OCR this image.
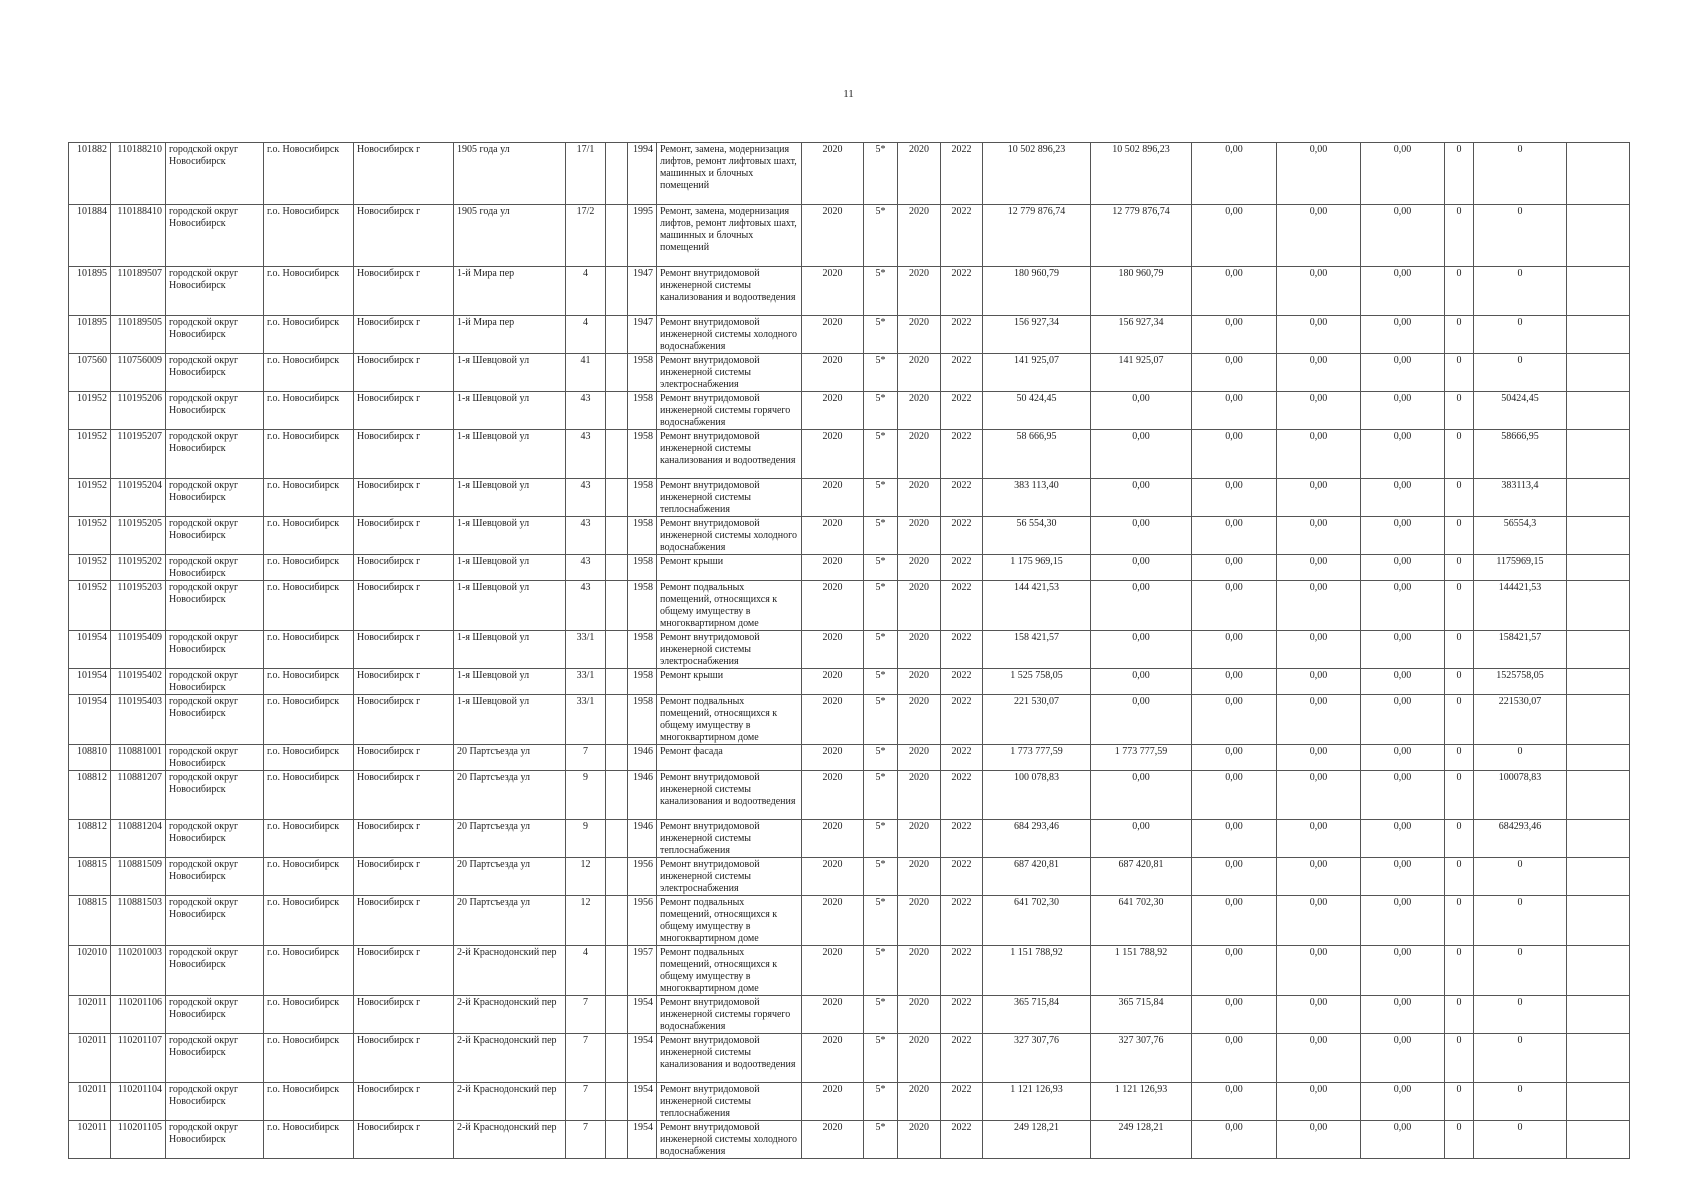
11
101882	110188210	городской округ Новосибирск	г.о. Новосибирск	Новосибирск г	1905 года ул	17/1		1994	Ремонт, замена, модернизация лифтов, ремонт лифтовых шахт, машинных и блочных помещений	2020	5*	2020	2022	10 502 896,23	10 502 896,23	0,00	0,00	0,00	0	0	
101884	110188410	городской округ Новосибирск	г.о. Новосибирск	Новосибирск г	1905 года ул	17/2		1995	Ремонт, замена, модернизация лифтов, ремонт лифтовых шахт, машинных и блочных помещений	2020	5*	2020	2022	12 779 876,74	12 779 876,74	0,00	0,00	0,00	0	0	
101895	110189507	городской округ Новосибирск	г.о. Новосибирск	Новосибирск г	1-й Мира пер	4		1947	Ремонт внутридомовой инженерной системы канализования и водоотведения	2020	5*	2020	2022	180 960,79	180 960,79	0,00	0,00	0,00	0	0	
101895	110189505	городской округ Новосибирск	г.о. Новосибирск	Новосибирск г	1-й Мира пер	4		1947	Ремонт внутридомовой инженерной системы холодного водоснабжения	2020	5*	2020	2022	156 927,34	156 927,34	0,00	0,00	0,00	0	0	
107560	110756009	городской округ Новосибирск	г.о. Новосибирск	Новосибирск г	1-я Шевцовой ул	41		1958	Ремонт внутридомовой инженерной системы электроснабжения	2020	5*	2020	2022	141 925,07	141 925,07	0,00	0,00	0,00	0	0	
101952	110195206	городской округ Новосибирск	г.о. Новосибирск	Новосибирск г	1-я Шевцовой ул	43		1958	Ремонт внутридомовой инженерной системы горячего водоснабжения	2020	5*	2020	2022	50 424,45	0,00	0,00	0,00	0,00	0	50424,45	
101952	110195207	городской округ Новосибирск	г.о. Новосибирск	Новосибирск г	1-я Шевцовой ул	43		1958	Ремонт внутридомовой инженерной системы канализования и водоотведения	2020	5*	2020	2022	58 666,95	0,00	0,00	0,00	0,00	0	58666,95	
101952	110195204	городской округ Новосибирск	г.о. Новосибирск	Новосибирск г	1-я Шевцовой ул	43		1958	Ремонт внутридомовой инженерной системы теплоснабжения	2020	5*	2020	2022	383 113,40	0,00	0,00	0,00	0,00	0	383113,4	
101952	110195205	городской округ Новосибирск	г.о. Новосибирск	Новосибирск г	1-я Шевцовой ул	43		1958	Ремонт внутридомовой инженерной системы холодного водоснабжения	2020	5*	2020	2022	56 554,30	0,00	0,00	0,00	0,00	0	56554,3	
101952	110195202	городской округ Новосибирск	г.о. Новосибирск	Новосибирск г	1-я Шевцовой ул	43		1958	Ремонт крыши	2020	5*	2020	2022	1 175 969,15	0,00	0,00	0,00	0,00	0	1175969,15	
101952	110195203	городской округ Новосибирск	г.о. Новосибирск	Новосибирск г	1-я Шевцовой ул	43		1958	Ремонт подвальных помещений, относящихся к общему имуществу в многоквартирном доме	2020	5*	2020	2022	144 421,53	0,00	0,00	0,00	0,00	0	144421,53	
101954	110195409	городской округ Новосибирск	г.о. Новосибирск	Новосибирск г	1-я Шевцовой ул	33/1		1958	Ремонт внутридомовой инженерной системы электроснабжения	2020	5*	2020	2022	158 421,57	0,00	0,00	0,00	0,00	0	158421,57	
101954	110195402	городской округ Новосибирск	г.о. Новосибирск	Новосибирск г	1-я Шевцовой ул	33/1		1958	Ремонт крыши	2020	5*	2020	2022	1 525 758,05	0,00	0,00	0,00	0,00	0	1525758,05	
101954	110195403	городской округ Новосибирск	г.о. Новосибирск	Новосибирск г	1-я Шевцовой ул	33/1		1958	Ремонт подвальных помещений, относящихся к общему имуществу в многоквартирном доме	2020	5*	2020	2022	221 530,07	0,00	0,00	0,00	0,00	0	221530,07	
108810	110881001	городской округ Новосибирск	г.о. Новосибирск	Новосибирск г	20 Партсъезда ул	7		1946	Ремонт фасада	2020	5*	2020	2022	1 773 777,59	1 773 777,59	0,00	0,00	0,00	0	0	
108812	110881207	городской округ Новосибирск	г.о. Новосибирск	Новосибирск г	20 Партсъезда ул	9		1946	Ремонт внутридомовой инженерной системы канализования и водоотведения	2020	5*	2020	2022	100 078,83	0,00	0,00	0,00	0,00	0	100078,83	
108812	110881204	городской округ Новосибирск	г.о. Новосибирск	Новосибирск г	20 Партсъезда ул	9		1946	Ремонт внутридомовой инженерной системы теплоснабжения	2020	5*	2020	2022	684 293,46	0,00	0,00	0,00	0,00	0	684293,46	
108815	110881509	городской округ Новосибирск	г.о. Новосибирск	Новосибирск г	20 Партсъезда ул	12		1956	Ремонт внутридомовой инженерной системы электроснабжения	2020	5*	2020	2022	687 420,81	687 420,81	0,00	0,00	0,00	0	0	
108815	110881503	городской округ Новосибирск	г.о. Новосибирск	Новосибирск г	20 Партсъезда ул	12		1956	Ремонт подвальных помещений, относящихся к общему имуществу в многоквартирном доме	2020	5*	2020	2022	641 702,30	641 702,30	0,00	0,00	0,00	0	0	
102010	110201003	городской округ Новосибирск	г.о. Новосибирск	Новосибирск г	2-й Краснодонский пер	4		1957	Ремонт подвальных помещений, относящихся к общему имуществу в многоквартирном доме	2020	5*	2020	2022	1 151 788,92	1 151 788,92	0,00	0,00	0,00	0	0	
102011	110201106	городской округ Новосибирск	г.о. Новосибирск	Новосибирск г	2-й Краснодонский пер	7		1954	Ремонт внутридомовой инженерной системы горячего водоснабжения	2020	5*	2020	2022	365 715,84	365 715,84	0,00	0,00	0,00	0	0	
102011	110201107	городской округ Новосибирск	г.о. Новосибирск	Новосибирск г	2-й Краснодонский пер	7		1954	Ремонт внутридомовой инженерной системы канализования и водоотведения	2020	5*	2020	2022	327 307,76	327 307,76	0,00	0,00	0,00	0	0	
102011	110201104	городской округ Новосибирск	г.о. Новосибирск	Новосибирск г	2-й Краснодонский пер	7		1954	Ремонт внутридомовой инженерной системы теплоснабжения	2020	5*	2020	2022	1 121 126,93	1 121 126,93	0,00	0,00	0,00	0	0	
102011	110201105	городской округ Новосибирск	г.о. Новосибирск	Новосибирск г	2-й Краснодонский пер	7		1954	Ремонт внутридомовой инженерной системы холодного водоснабжения	2020	5*	2020	2022	249 128,21	249 128,21	0,00	0,00	0,00	0	0	
